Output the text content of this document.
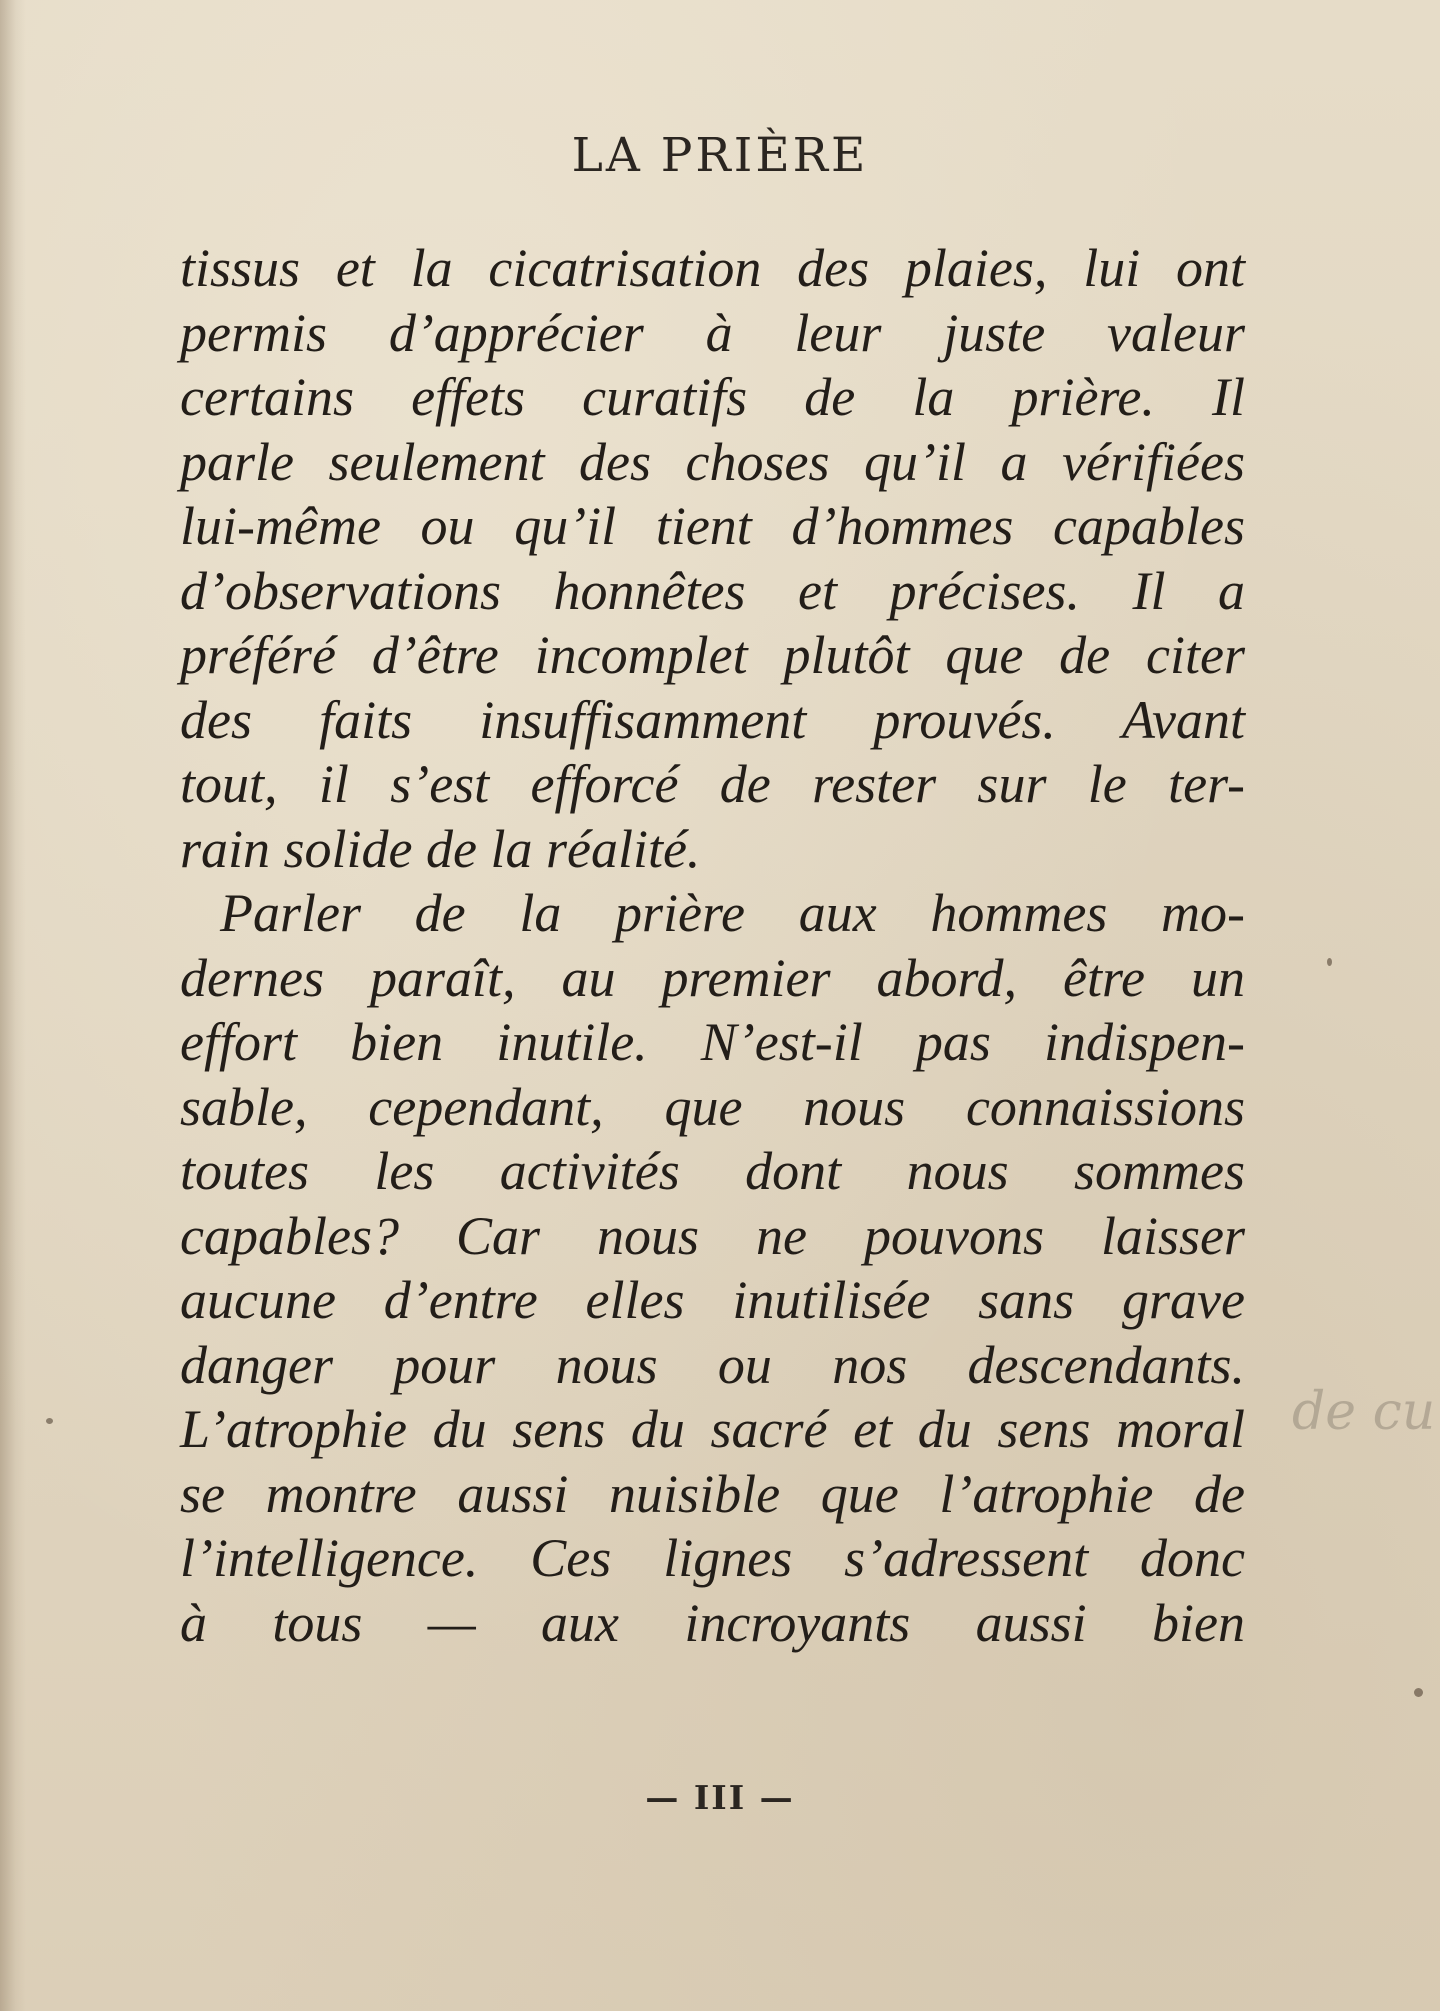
LA PRIÈRE
tissus et la cicatrisation des plaies, lui ont
permis d’apprécier à leur juste valeur
certains effets curatifs de la prière. Il
parle seulement des choses qu’il a vérifiées
lui-même ou qu’il tient d’hommes capables
d’observations honnêtes et précises. Il a
préféré d’être incomplet plutôt que de citer
des faits insuffisamment prouvés. Avant
tout, il s’est efforcé de rester sur le ter-
rain solide de la réalité.
Parler de la prière aux hommes mo-
dernes paraît, au premier abord, être un
effort bien inutile. N’est-il pas indispen-
sable, cependant, que nous connaissions
toutes les activités dont nous sommes
capables? Car nous ne pouvons laisser
aucune d’entre elles inutilisée sans grave
danger pour nous ou nos descendants.
L’atrophie du sens du sacré et du sens moral
se montre aussi nuisible que l’atrophie de
l’intelligence. Ces lignes s’adressent donc
à tous — aux incroyants aussi bien
de cu
— III —
